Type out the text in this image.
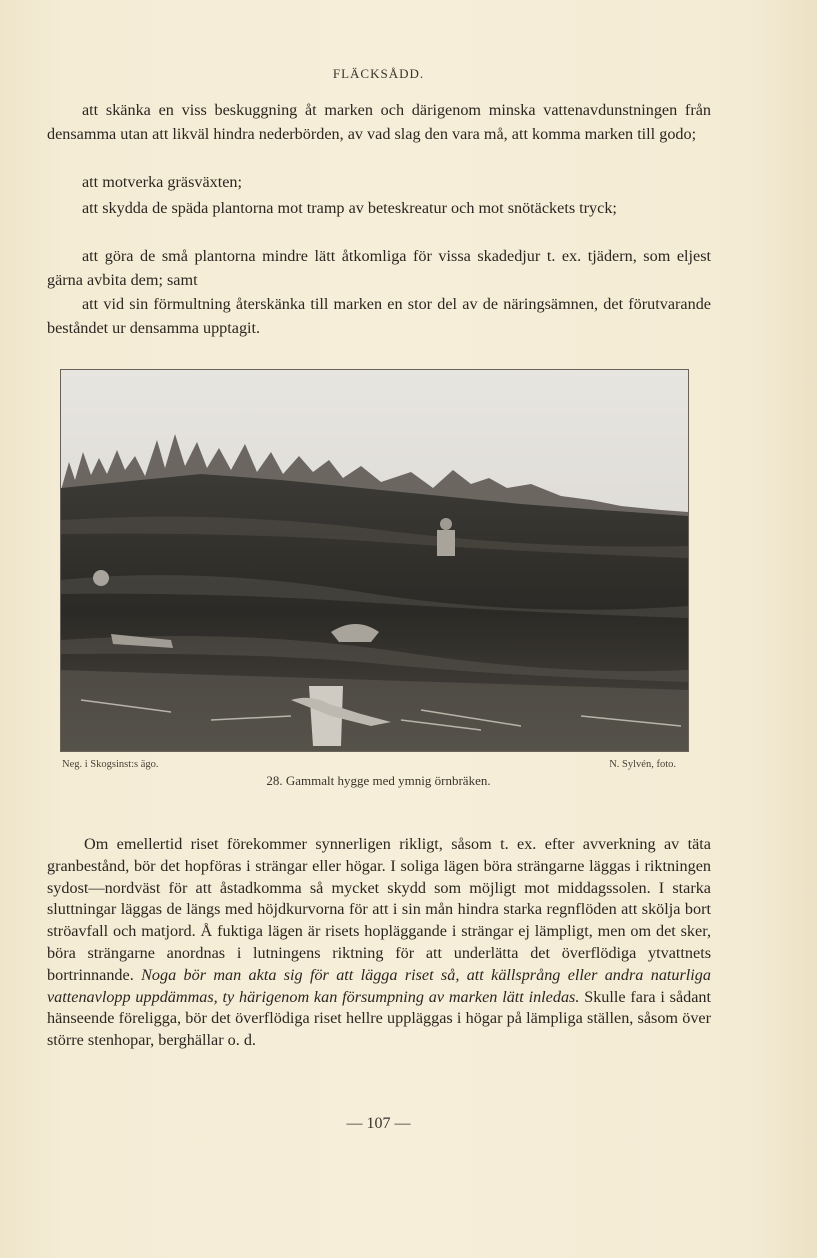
FLÄCKSÅDD.

att skänka en viss beskuggning åt marken och därigenom minska vattenavdunstningen från densamma utan att likväl hindra nederbörden, av vad slag den vara må, att komma marken till godo;

att motverka gräsväxten;

att skydda de späda plantorna mot tramp av beteskreatur och mot snötäckets tryck;

att göra de små plantorna mindre lätt åtkomliga för vissa skadedjur t. ex. tjädern, som eljest gärna avbita dem; samt

att vid sin förmultning återskänka till marken en stor del av de näringsämnen, det förutvarande beståndet ur densamma upptagit.

Neg. i Skogsinst:s ägo.	N. Sylvén, foto.
28. Gammalt hygge med ymnig örnbräken.

Om emellertid riset förekommer synnerligen rikligt, såsom t. ex. efter avverkning av täta granbestånd, bör det hopföras i strängar eller högar. I soliga lägen böra strängarne läggas i riktningen sydost—nordväst för att åstadkomma så mycket skydd som möjligt mot middagssolen. I starka sluttningar läggas de längs med höjdkurvorna för att i sin mån hindra starka regnflöden att skölja bort ströavfall och matjord. Å fuktiga lägen är risets hopläggande i strängar ej lämpligt, men om det sker, böra strängarne anordnas i lutningens riktning för att underlätta det överflödiga ytvattnets bortrinnande. Noga bör man akta sig för att lägga riset så, att källsprång eller andra naturliga vattenavlopp uppdämmas, ty härigenom kan försumpning av marken lätt inledas. Skulle fara i sådant hänseende föreligga, bör det överflödiga riset hellre uppläggas i högar på lämpliga ställen, såsom över större stenhopar, berghällar o. d.

— 107 —
